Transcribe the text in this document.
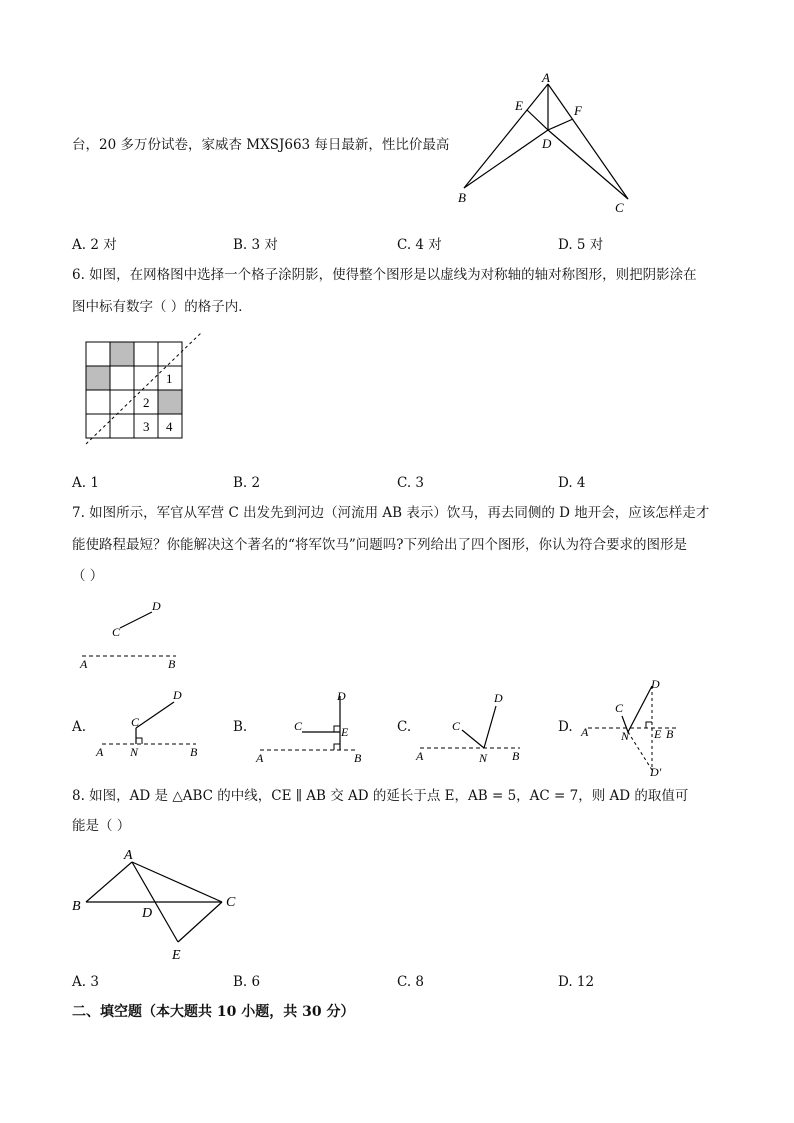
台，20 多万份试卷，家威杏 MXSJ663 每日最新，性比价最高
A
E	F
D
B
C
A. 2 对	B. 3 对	C. 4 对	D. 5 对
6. 如图，在网格图中选择一个格子涂阴影，使得整个图形是以虚线为对称轴的轴对称图形，则把阴影涂在
图中标有数字（ ）的格子内．
1
2
3 4
A. 1	B. 2	C. 3	D. 4
7. 如图所示，军官从军营 C 出发先到河边（河流用 AB 表示）饮马，再去同侧的 D 地开会，应该怎样走才
能使路程最短？你能解决这个著名的“将军饮马”问题吗?下列给出了四个图形，你认为符合要求的图形是
（ ）
D
C
A	B
A.	B.	C.	D.
D
C
A N	B
D
C	E
A	B
D
C
A	N B
D
C
A	N E B
D′
8. 如图，AD 是 △ABC 的中线，CE ∥ AB 交 AD 的延长于点 E，AB = 5，AC = 7，则 AD 的取值可
能是（ ）
A
B	C
D
E
A. 3	B. 6	C. 8	D. 12
二、填空题（本大题共 10 小题，共 30 分）
